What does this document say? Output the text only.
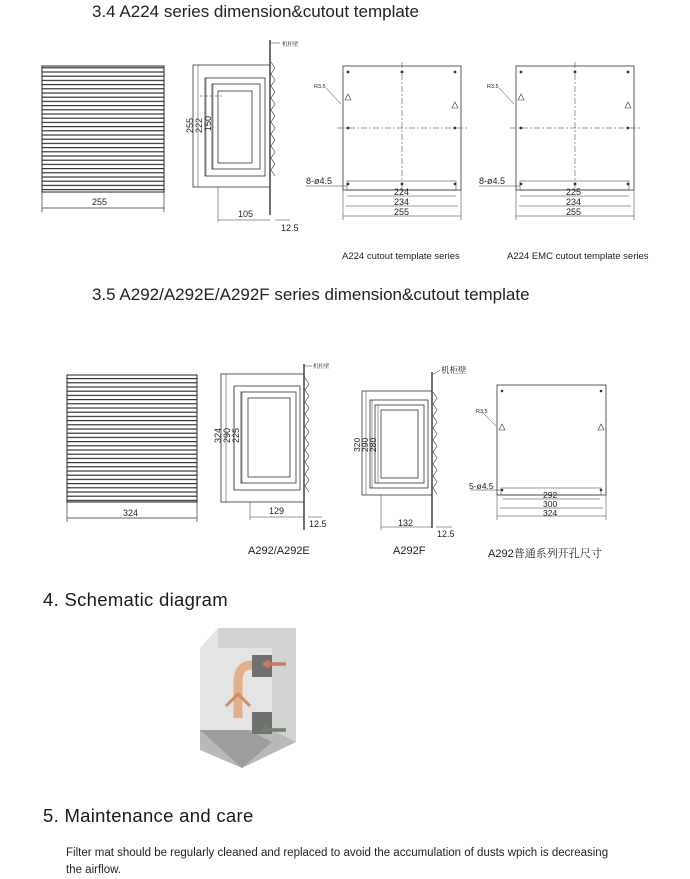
3.4 A224 series dimension&cutout template
3.5 A292/A292E/A292F series dimension&cutout template
4. Schematic diagram
5. Maintenance and care
255
机柜壁
255 222 150
105
12.5
R3.5
8-ø4.5
224
234
255
R3.5
8-ø4.5
225
234
255
324
机柜壁
324 290 225
129
12.5
机柜壁
320
290
280
132
12.5
R3.5
5-ø4.5
292
300
324
A224 cutout template series	A224 EMC cutout template series
A292/A292E	A292F	A292普通系列开孔尺寸
Filter mat should be regularly cleaned and replaced to avoid the accumulation of dusts wpich is decreasing the airflow.
